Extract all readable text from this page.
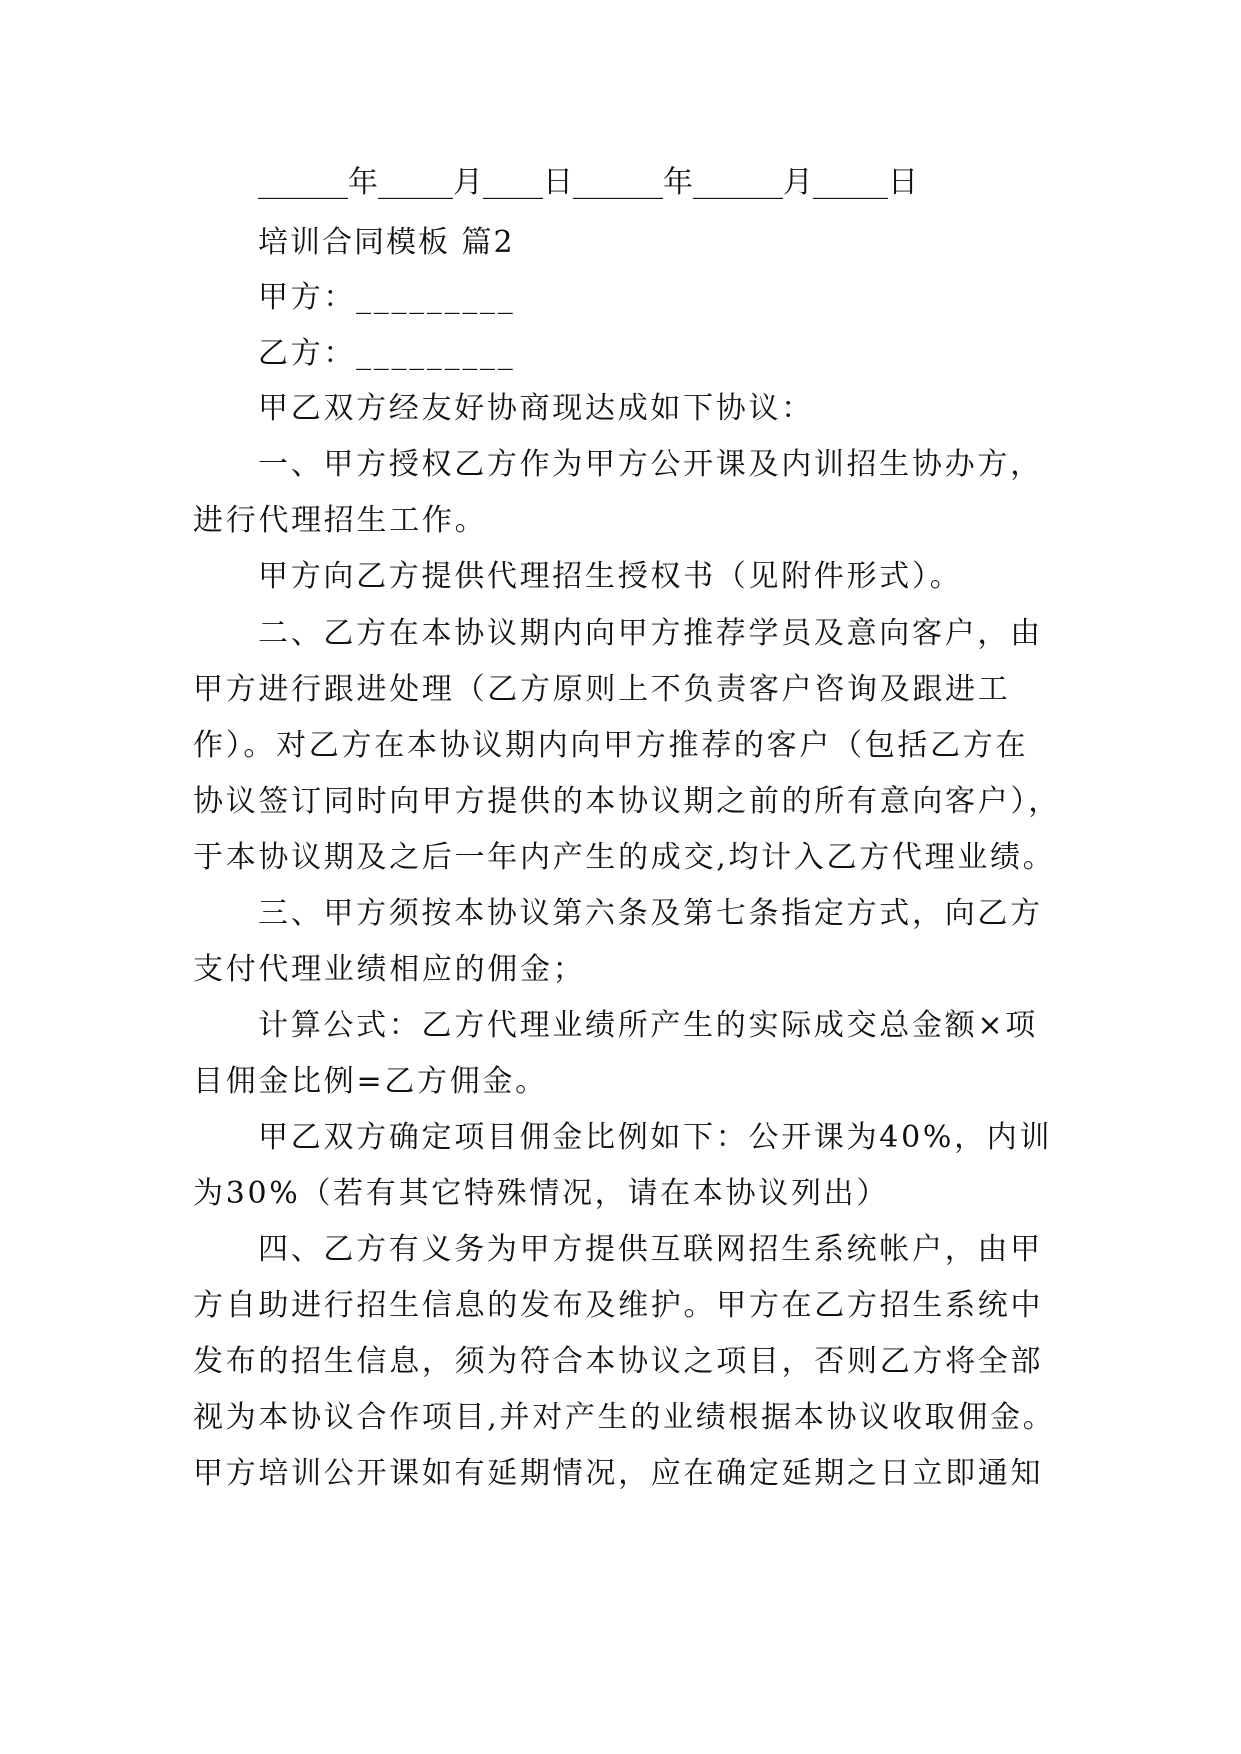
______年_____月____日______年______月_____日
培训合同模板 篇2
甲方：_________
乙方：_________
甲乙双方经友好协商现达成如下协议：
一、甲方授权乙方作为甲方公开课及内训招生协办方，
进行代理招生工作。
甲方向乙方提供代理招生授权书（见附件形式）。
二、乙方在本协议期内向甲方推荐学员及意向客户，由
甲方进行跟进处理（乙方原则上不负责客户咨询及跟进工
作）。对乙方在本协议期内向甲方推荐的客户（包括乙方在
协议签订同时向甲方提供的本协议期之前的所有意向客户），
于本协议期及之后一年内产生的成交,均计入乙方代理业绩。
三、甲方须按本协议第六条及第七条指定方式，向乙方
支付代理业绩相应的佣金；
计算公式：乙方代理业绩所产生的实际成交总金额×项
目佣金比例=乙方佣金。
甲乙双方确定项目佣金比例如下：公开课为40%，内训
为30%（若有其它特殊情况，请在本协议列出）
四、乙方有义务为甲方提供互联网招生系统帐户，由甲
方自助进行招生信息的发布及维护。甲方在乙方招生系统中
发布的招生信息，须为符合本协议之项目，否则乙方将全部
视为本协议合作项目,并对产生的业绩根据本协议收取佣金。
甲方培训公开课如有延期情况，应在确定延期之日立即通知
